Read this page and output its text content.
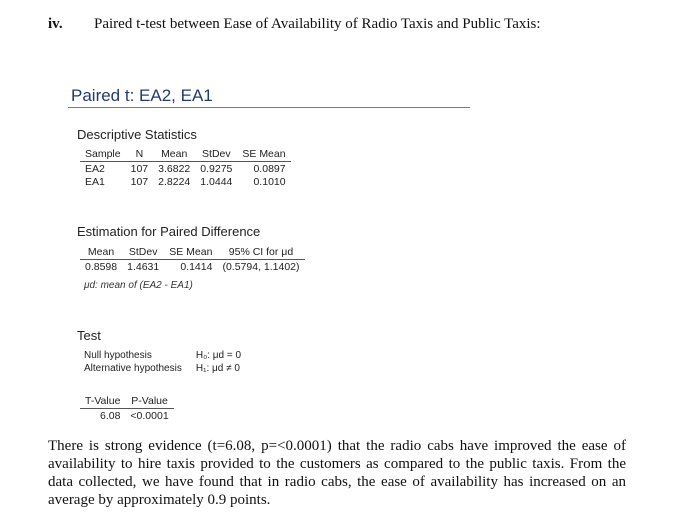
iv. Paired t-test between Ease of Availability of Radio Taxis and Public Taxis:
Paired t: EA2, EA1
Descriptive Statistics
Sample	N	Mean	StDev	SE Mean
EA2	107	3.6822	0.9275	0.0897
EA1	107	2.8224	1.0444	0.1010
Estimation for Paired Difference
Mean	StDev	SE Mean	95% CI for μd
0.8598	1.4631	0.1414	(0.5794, 1.1402)
μd: mean of (EA2 - EA1)
Test
Null hypothesis	H₀: μd = 0
Alternative hypothesis	H₁: μd ≠ 0
T-Value	P-Value
6.08	<0.0001
There is strong evidence (t=6.08, p=<0.0001) that the radio cabs have improved the ease of availability to hire taxis provided to the customers as compared to the public taxis. From the data collected, we have found that in radio cabs, the ease of availability has increased on an average by approximately 0.9 points.
